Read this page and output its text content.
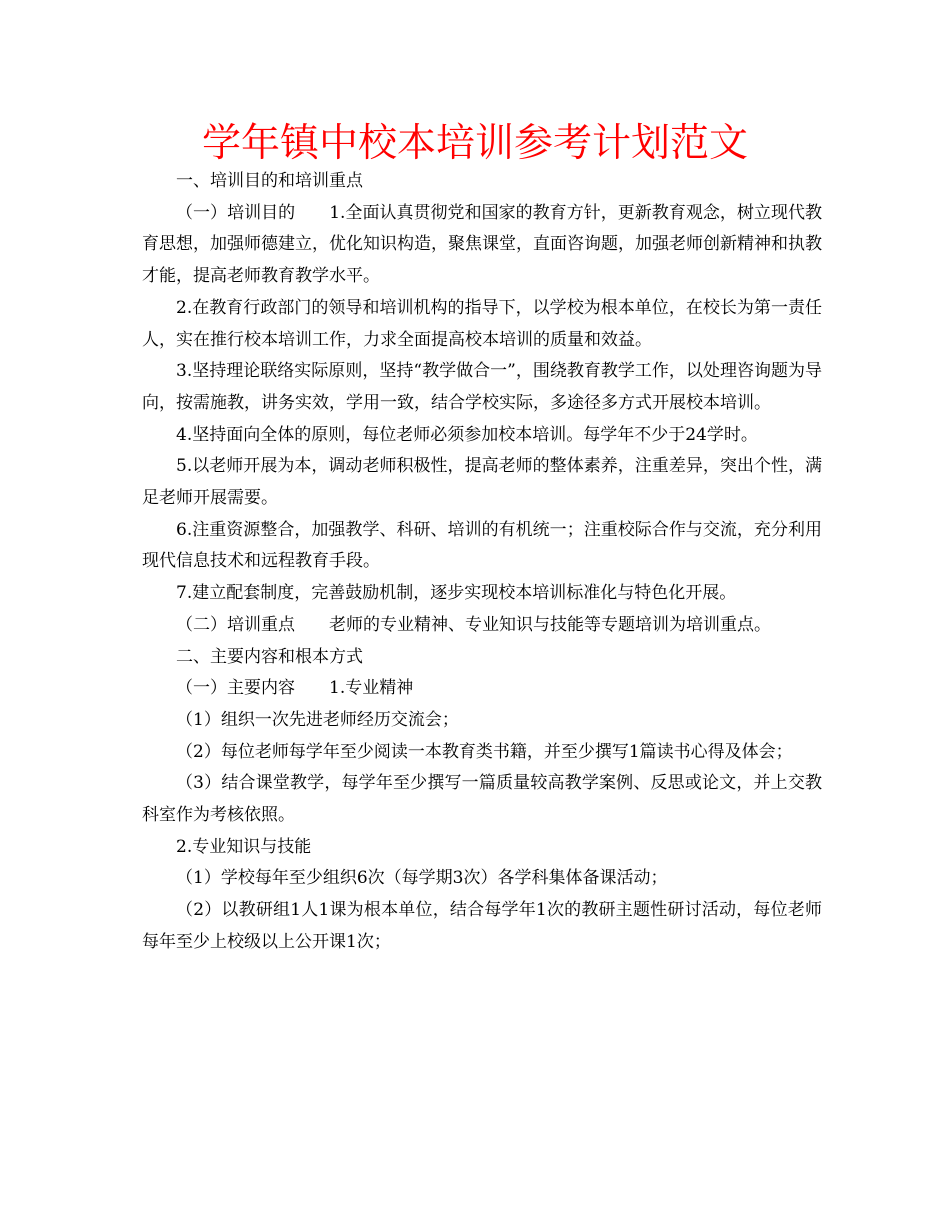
学年镇中校本培训参考计划范文

一、培训目的和培训重点

（一）培训目的　　1.全面认真贯彻党和国家的教育方针，更新教育观念，树立现代教育思想，加强师德建立，优化知识构造，聚焦课堂，直面咨询题，加强老师创新精神和执教才能，提高老师教育教学水平。

2.在教育行政部门的领导和培训机构的指导下，以学校为根本单位，在校长为第一责任人，实在推行校本培训工作，力求全面提高校本培训的质量和效益。

3.坚持理论联络实际原则，坚持“教学做合一”，围绕教育教学工作，以处理咨询题为导向，按需施教，讲务实效，学用一致，结合学校实际，多途径多方式开展校本培训。

4.坚持面向全体的原则，每位老师必须参加校本培训。每学年不少于24学时。

5.以老师开展为本，调动老师积极性，提高老师的整体素养，注重差异，突出个性，满足老师开展需要。

6.注重资源整合，加强教学、科研、培训的有机统一；注重校际合作与交流，充分利用现代信息技术和远程教育手段。

7.建立配套制度，完善鼓励机制，逐步实现校本培训标准化与特色化开展。

（二）培训重点　　老师的专业精神、专业知识与技能等专题培训为培训重点。

二、主要内容和根本方式

（一）主要内容　　1.专业精神

（1）组织一次先进老师经历交流会；

（2）每位老师每学年至少阅读一本教育类书籍，并至少撰写1篇读书心得及体会；

（3）结合课堂教学，每学年至少撰写一篇质量较高教学案例、反思或论文，并上交教科室作为考核依照。

2.专业知识与技能

（1）学校每年至少组织6次（每学期3次）各学科集体备课活动；

（2）以教研组1人1课为根本单位，结合每学年1次的教研主题性研讨活动，每位老师每年至少上校级以上公开课1次；
